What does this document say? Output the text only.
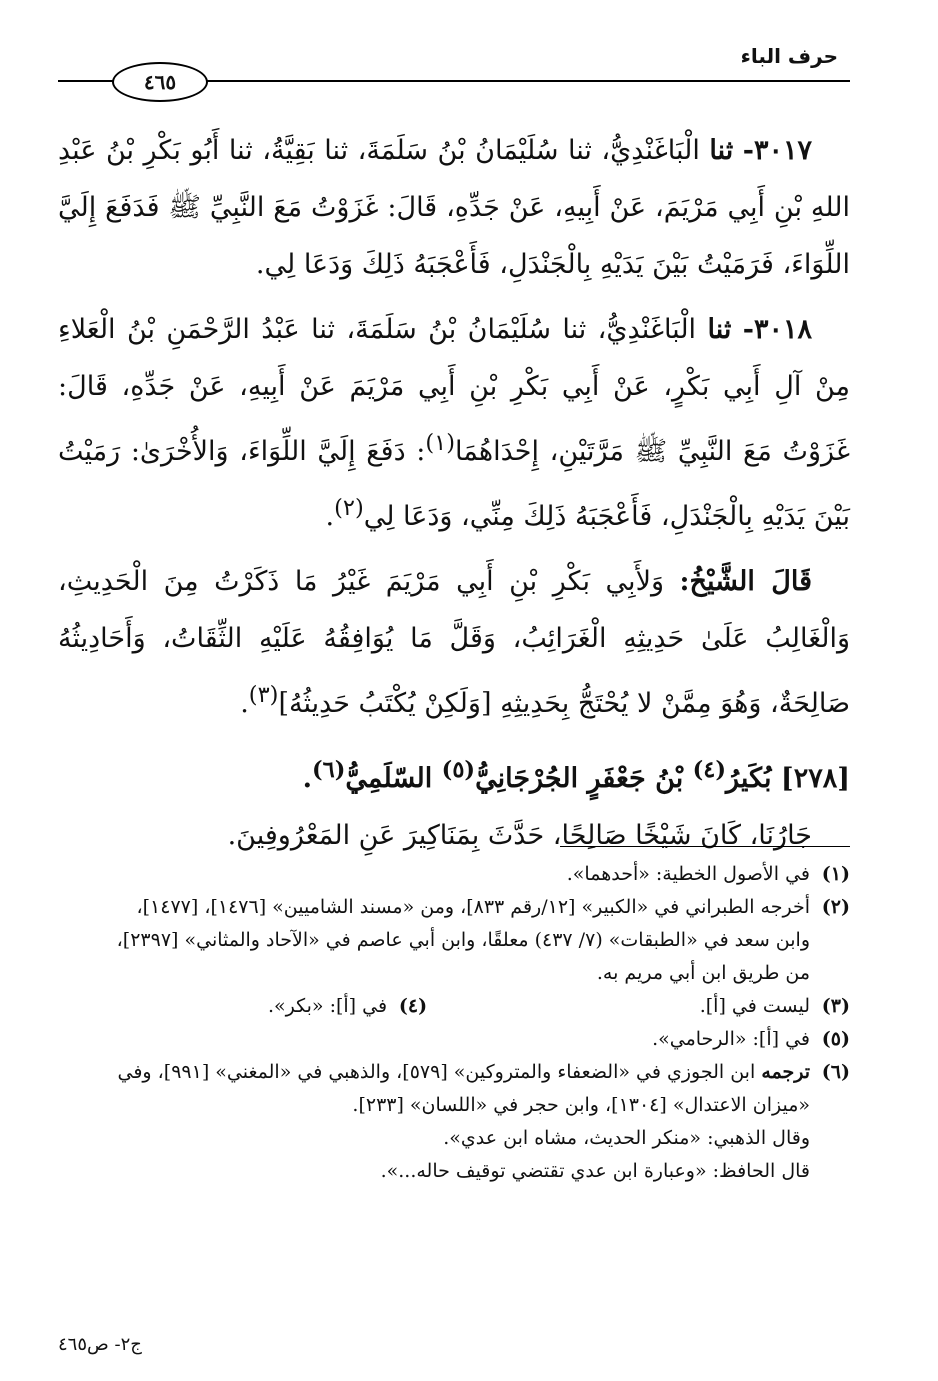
حرف الباء
٤٦٥

٣٠١٧- ثنا الْبَاغَنْدِيُّ، ثنا سُلَيْمَانُ بْنُ سَلَمَةَ، ثنا بَقِيَّةُ، ثنا أَبُو بَكْرِ بْنُ عَبْدِ اللهِ بْنِ أَبِي مَرْيَمَ، عَنْ أَبِيهِ، عَنْ جَدِّهِ، قَالَ: غَزَوْتُ مَعَ النَّبِيِّ ﷺ فَدَفَعَ إِلَيَّ اللِّوَاءَ، فَرَمَيْتُ بَيْنَ يَدَيْهِ بِالْجَنْدَلِ، فَأَعْجَبَهُ ذَلِكَ وَدَعَا لِي.

٣٠١٨- ثنا الْبَاغَنْدِيُّ، ثنا سُلَيْمَانُ بْنُ سَلَمَةَ، ثنا عَبْدُ الرَّحْمَنِ بْنُ الْعَلاءِ مِنْ آلِ أَبِي بَكْرٍ، عَنْ أَبِي بَكْرِ بْنِ أَبِي مَرْيَمَ عَنْ أَبِيهِ، عَنْ جَدِّهِ، قَالَ: غَزَوْتُ مَعَ النَّبِيِّ ﷺ مَرَّتَيْنِ، إِحْدَاهُمَا$^{(١)}$: دَفَعَ إِلَيَّ اللِّوَاءَ، وَالأُخْرَىٰ: رَمَيْتُ بَيْنَ يَدَيْهِ بِالْجَنْدَلِ، فَأَعْجَبَهُ ذَلِكَ مِنِّي، وَدَعَا لِي$^{(٢)}$.

قَالَ الشَّيْخُ: وَلأَبِي بَكْرِ بْنِ أَبِي مَرْيَمَ غَيْرُ مَا ذَكَرْتُ مِنَ الْحَدِيثِ، وَالْغَالِبُ عَلَىٰ حَدِيثِهِ الْغَرَائِبُ، وَقَلَّ مَا يُوَافِقُهُ عَلَيْهِ الثِّقَاتُ، وَأَحَادِيثُهُ صَالِحَةٌ، وَهُوَ مِمَّنْ لا يُحْتَجُّ بِحَدِيثِهِ [وَلَكِنْ يُكْتَبُ حَدِيثُهُ]$^{(٣)}$.

[٢٧٨] بُكَيرُ$^{(٤)}$ بْنُ جَعْفَرٍ الجُرْجَانِيُّ$^{(٥)}$ السّلَمِيُّ$^{(٦)}$.

جَارُنَا، كَانَ شَيْخًا صَالِحًا، حَدَّثَ بِمَنَاكِيرَ عَنِ المَعْرُوفِينَ.

(١)
في الأصول الخطية: «أحدهما».
(٢)
أخرجه الطبراني في «الكبير» [١٢/رقم ٨٣٣]، ومن «مسند الشاميين» [١٤٧٦]، [١٤٧٧]،
وابن سعد في «الطبقات» (٧/ ٤٣٧) معلقًا، وابن أبي عاصم في «الآحاد والمثاني» [٢٣٩٧]،
من طريق ابن أبي مريم به.
(٣)
ليست في [أ].
(٤)
في [أ]: «بكر».
(٥)
في [أ]: «الرحامي».
(٦)
ترجمه ابن الجوزي في «الضعفاء والمتروكين» [٥٧٩]، والذهبي في «المغني» [٩٩١]، وفي
«ميزان الاعتدال» [١٣٠٤]، وابن حجر في «اللسان» [٢٣٣].
وقال الذهبي: «منكر الحديث، مشاه ابن عدي».
قال الحافظ: «وعبارة ابن عدي تقتضي توقيف حاله...».
ج٢- ص٤٦٥
